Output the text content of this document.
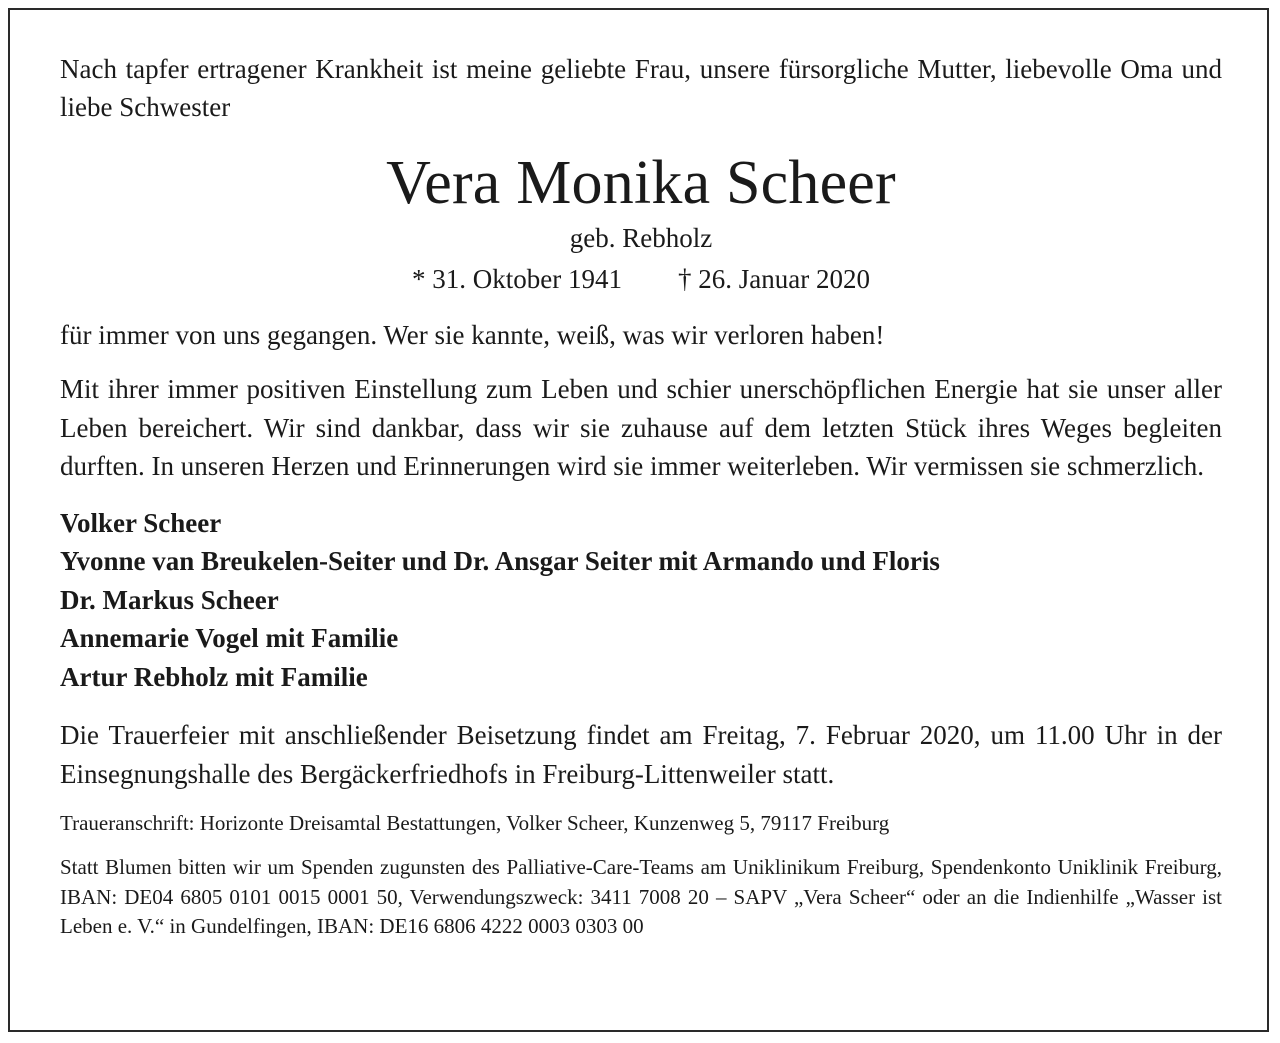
Nach tapfer ertragener Krankheit ist meine geliebte Frau, unsere fürsorgliche Mutter, liebevolle Oma und liebe Schwester

Vera Monika Scheer

geb. Rebholz

* 31. Oktober 1941 † 26. Januar 2020

für immer von uns gegangen. Wer sie kannte, weiß, was wir verloren haben!

Mit ihrer immer positiven Einstellung zum Leben und schier unerschöpflichen Energie hat sie unser aller Leben bereichert. Wir sind dankbar, dass wir sie zuhause auf dem letzten Stück ihres Weges begleiten durften. In unseren Herzen und Erinnerungen wird sie immer weiterleben. Wir vermissen sie schmerzlich.

Volker Scheer
Yvonne van Breukelen-Seiter und Dr. Ansgar Seiter mit Armando und Floris
Dr. Markus Scheer
Annemarie Vogel mit Familie
Artur Rebholz mit Familie

Die Trauerfeier mit anschließender Beisetzung findet am Freitag, 7. Februar 2020, um 11.00 Uhr in der Einsegnungshalle des Bergäckerfriedhofs in Freiburg-Littenweiler statt.

Traueranschrift: Horizonte Dreisamtal Bestattungen, Volker Scheer, Kunzenweg 5, 79117 Freiburg

Statt Blumen bitten wir um Spenden zugunsten des Palliative-Care-Teams am Uniklinikum Freiburg, Spendenkonto Uniklinik Freiburg, IBAN: DE04 6805 0101 0015 0001 50, Verwendungszweck: 3411 7008 20 – SAPV „Vera Scheer“ oder an die Indienhilfe „Wasser ist Leben e. V.“ in Gundelfingen, IBAN: DE16 6806 4222 0003 0303 00
